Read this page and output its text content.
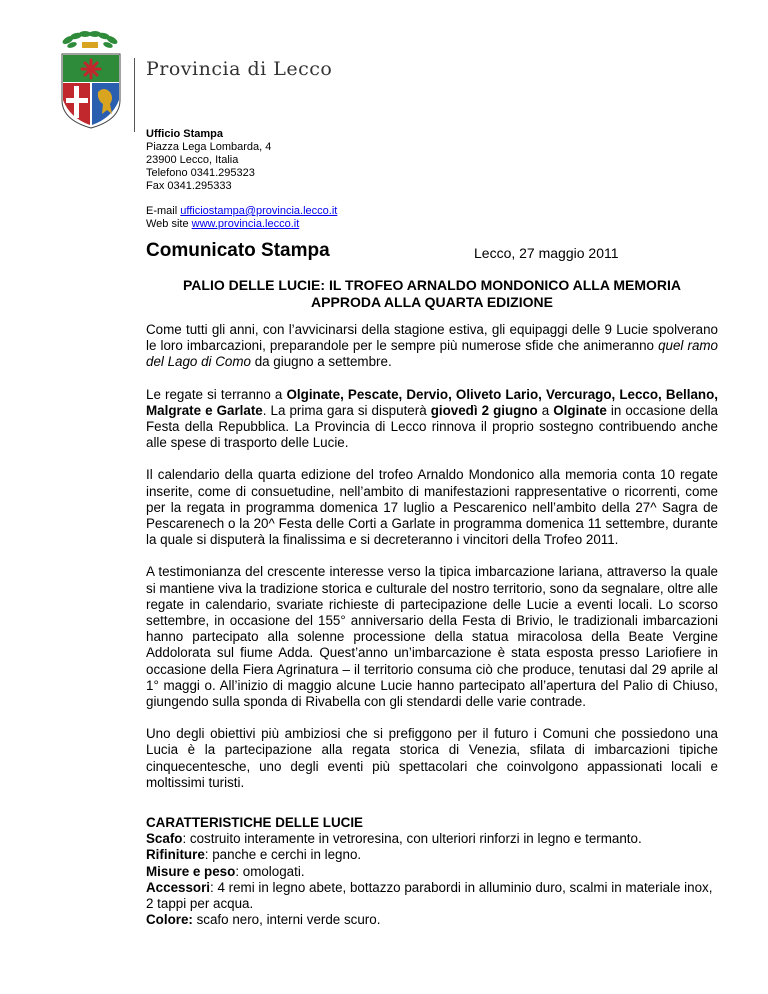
Provincia di Lecco
Ufficio Stampa
Piazza Lega Lombarda, 4
23900 Lecco, Italia
Telefono 0341.295323
Fax 0341.295333
E-mail ufficiostampa@provincia.lecco.it
Web site www.provincia.lecco.it
Comunicato Stampa	Lecco, 27 maggio 2011
PALIO DELLE LUCIE: IL TROFEO ARNALDO MONDONICO ALLA MEMORIA
APPRODA ALLA QUARTA EDIZIONE

Come tutti gli anni, con l’avvicinarsi della stagione estiva, gli equipaggi delle 9 Lucie spolverano le loro imbarcazioni, preparandole per le sempre più numerose sfide che animeranno quel ramo del Lago di Como da giugno a settembre.

Le regate si terranno a Olginate, Pescate, Dervio, Oliveto Lario, Vercurago, Lecco, Bellano, Malgrate e Garlate. La prima gara si disputerà giovedì 2 giugno a Olginate in occasione della Festa della Repubblica. La Provincia di Lecco rinnova il proprio sostegno contribuendo anche alle spese di trasporto delle Lucie.

Il calendario della quarta edizione del trofeo Arnaldo Mondonico alla memoria conta 10 regate inserite, come di consuetudine, nell’ambito di manifestazioni rappresentative o ricorrenti, come per la regata in programma domenica 17 luglio a Pescarenico nell’ambito della 27^ Sagra de Pescarenech o la 20^ Festa delle Corti a Garlate in programma domenica 11 settembre, durante la quale si disputerà la finalissima e si decreteranno i vincitori della Trofeo 2011.

A testimonianza del crescente interesse verso la tipica imbarcazione lariana, attraverso la quale si mantiene viva la tradizione storica e culturale del nostro territorio, sono da segnalare, oltre alle regate in calendario, svariate richieste di partecipazione delle Lucie a eventi locali. Lo scorso settembre, in occasione del 155° anniversario della Festa di Brivio, le tradizionali imbarcazioni hanno partecipato alla solenne processione della statua miracolosa della Beate Vergine Addolorata sul fiume Adda. Quest’anno un’imbarcazione è stata esposta presso Lariofiere in occasione della Fiera Agrinatura – il territorio consuma ciò che produce, tenutasi dal 29 aprile al 1° maggi o. All’inizio di maggio alcune Lucie hanno partecipato all’apertura del Palio di Chiuso, giungendo sulla sponda di Rivabella con gli stendardi delle varie contrade.

Uno degli obiettivi più ambiziosi che si prefiggono per il futuro i Comuni che possiedono una Lucia è la partecipazione alla regata storica di Venezia, sfilata di imbarcazioni tipiche cinquecentesche, uno degli eventi più spettacolari che coinvolgono appassionati locali e moltissimi turisti.

CARATTERISTICHE DELLE LUCIE
Scafo: costruito interamente in vetroresina, con ulteriori rinforzi in legno e termanto.
Rifiniture: panche e cerchi in legno.
Misure e peso: omologati.
Accessori: 4 remi in legno abete, bottazzo parabordi in alluminio duro, scalmi in materiale inox, 2 tappi per acqua.
Colore: scafo nero, interni verde scuro.
